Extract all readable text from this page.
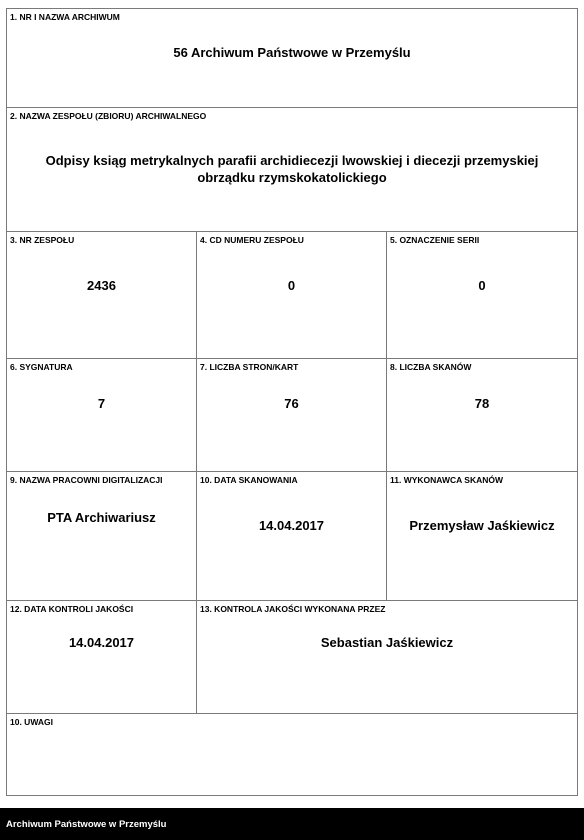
1. NR I NAZWA ARCHIWUM
56 Archiwum Państwowe w Przemyślu
2. NAZWA ZESPOŁU (ZBIORU) ARCHIWALNEGO
Odpisy ksiąg metrykalnych parafii archidiecezji lwowskiej i diecezji przemyskiej
obrządku rzymskokatolickiego
3. NR ZESPOŁU
2436
4. CD NUMERU ZESPOŁU
0
5. OZNACZENIE SERII
0
6. SYGNATURA
7
7. LICZBA STRON/KART
76
8. LICZBA SKANÓW
78
9. NAZWA PRACOWNI DIGITALIZACJI
PTA Archiwariusz
10. DATA SKANOWANIA
14.04.2017
11. WYKONAWCA SKANÓW
Przemysław Jaśkiewicz
12. DATA KONTROLI JAKOŚCI
14.04.2017
13. KONTROLA JAKOŚCI WYKONANA PRZEZ
Sebastian Jaśkiewicz
10. UWAGI
Archiwum Państwowe w Przemyślu
